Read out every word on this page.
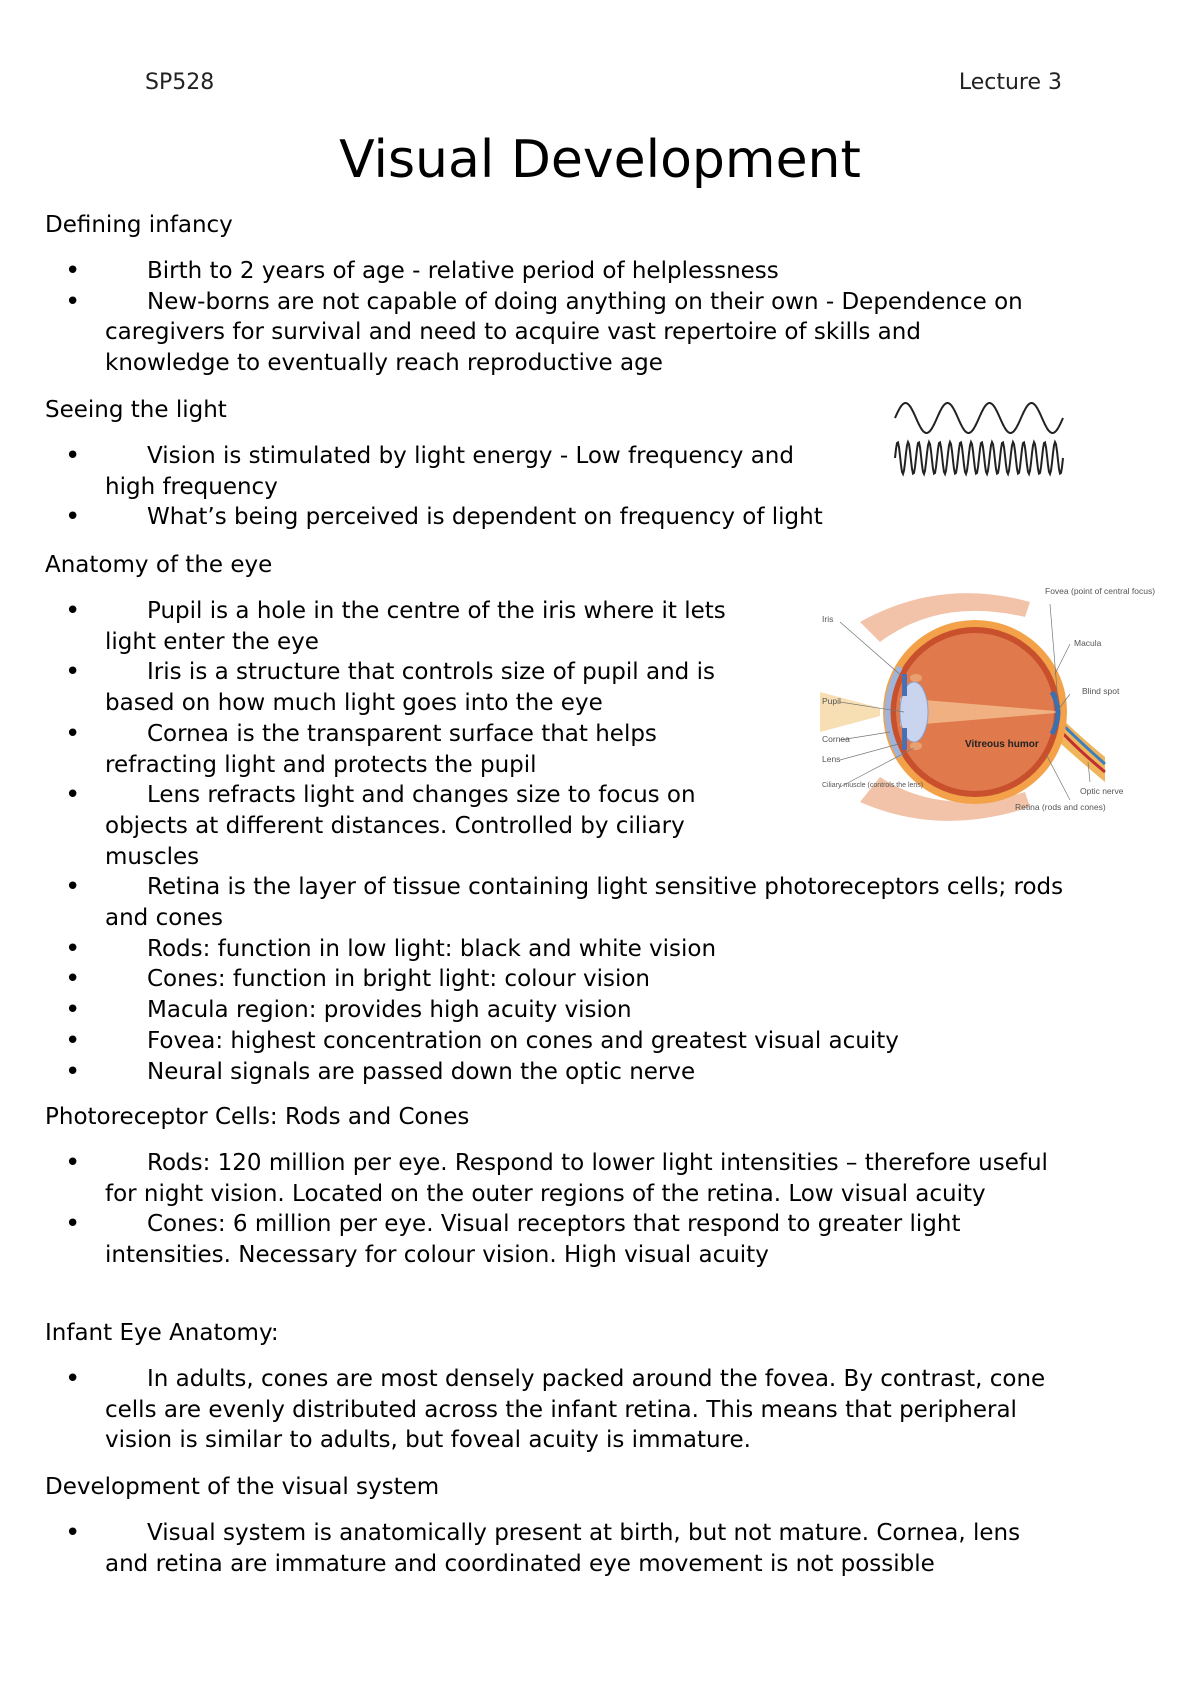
SP528	Lecture 3
Visual Development
Defining infancy
• Birth to 2 years of age - relative period of helplessness
• New-borns are not capable of doing anything on their own - Dependence on caregivers for survival and need to acquire vast repertoire of skills and knowledge to eventually reach reproductive age
Seeing the light
• Vision is stimulated by light energy - Low frequency and high frequency
• What’s being perceived is dependent on frequency of light
Anatomy of the eye
• Pupil is a hole in the centre of the iris where it lets light enter the eye
• Iris is a structure that controls size of pupil and is based on how much light goes into the eye
• Cornea is the transparent surface that helps refracting light and protects the pupil
• Lens refracts light and changes size to focus on objects at different distances. Controlled by ciliary muscles
• Retina is the layer of tissue containing light sensitive photoreceptors cells; rods and cones
• Rods: function in low light: black and white vision
• Cones: function in bright light: colour vision
• Macula region: provides high acuity vision
• Fovea: highest concentration on cones and greatest visual acuity
• Neural signals are passed down the optic nerve
Fovea (point of central focus)
Macula
Blind spot
Optic nerve
Retina (rods and cones)
Iris
Pupil
Cornea
Lens
Ciliary muscle (controls the lens)
Vitreous humor
Photoreceptor Cells: Rods and Cones
• Rods: 120 million per eye. Respond to lower light intensities – therefore useful for night vision. Located on the outer regions of the retina. Low visual acuity
• Cones: 6 million per eye. Visual receptors that respond to greater light intensities. Necessary for colour vision. High visual acuity
Infant Eye Anatomy:
• In adults, cones are most densely packed around the fovea. By contrast, cone cells are evenly distributed across the infant retina. This means that peripheral vision is similar to adults, but foveal acuity is immature.
Development of the visual system
• Visual system is anatomically present at birth, but not mature. Cornea, lens and retina are immature and coordinated eye movement is not possible
